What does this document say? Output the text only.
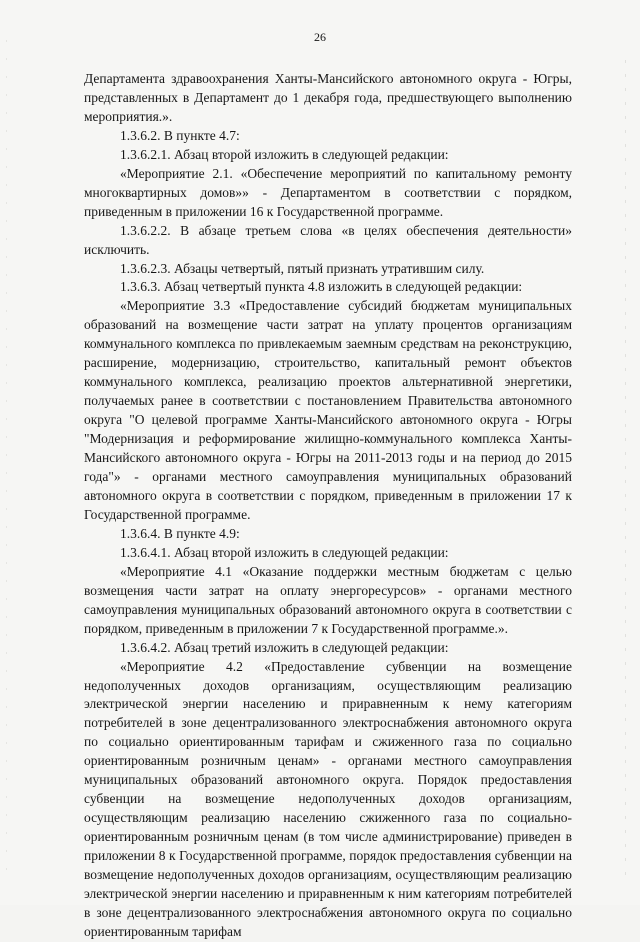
26

Департамента здравоохранения Ханты-Мансийского автономного округа - Югры, представленных в Департамент до 1 декабря года, предшествующего выполнению мероприятия.».

1.3.6.2. В пункте 4.7:

1.3.6.2.1. Абзац второй изложить в следующей редакции:

«Мероприятие 2.1. «Обеспечение мероприятий по капитальному ремонту многоквартирных домов»» - Департаментом в соответствии с порядком, приведенным в приложении 16 к Государственной программе.

1.3.6.2.2. В абзаце третьем слова «в целях обеспечения деятельности» исключить.

1.3.6.2.3. Абзацы четвертый, пятый признать утратившим силу.

1.3.6.3. Абзац четвертый пункта 4.8 изложить в следующей редакции:

«Мероприятие 3.3 «Предоставление субсидий бюджетам муниципальных образований на возмещение части затрат на уплату процентов организациям коммунального комплекса по привлекаемым заемным средствам на реконструкцию, расширение, модернизацию, строительство, капитальный ремонт объектов коммунального комплекса, реализацию проектов альтернативной энергетики, получаемых ранее в соответствии с постановлением Правительства автономного округа "О целевой программе Ханты-Мансийского автономного округа - Югры "Модернизация и реформирование жилищно-коммунального комплекса Ханты-Мансийского автономного округа - Югры на 2011-2013 годы и на период до 2015 года"» - органами местного самоуправления муниципальных образований автономного округа в соответствии с порядком, приведенным в приложении 17 к Государственной программе.

1.3.6.4. В пункте 4.9:

1.3.6.4.1. Абзац второй изложить в следующей редакции:

«Мероприятие 4.1 «Оказание поддержки местным бюджетам с целью возмещения части затрат на оплату энергоресурсов» - органами местного самоуправления муниципальных образований автономного округа в соответствии с порядком, приведенным в приложении 7 к Государственной программе.».

1.3.6.4.2. Абзац третий изложить в следующей редакции:

«Мероприятие 4.2 «Предоставление субвенции на возмещение недополученных доходов организациям, осуществляющим реализацию электрической энергии населению и приравненным к нему категориям потребителей в зоне децентрализованного электроснабжения автономного округа по социально ориентированным тарифам и сжиженного газа по социально ориентированным розничным ценам» - органами местного самоуправления муниципальных образований автономного округа. Порядок предоставления субвенции на возмещение недополученных доходов организациям, осуществляющим реализацию населению сжиженного газа по социально-ориентированным розничным ценам (в том числе администрирование) приведен в приложении 8 к Государственной программе, порядок предоставления субвенции на возмещение недополученных доходов организациям, осуществляющим реализацию электрической энергии населению и приравненным к ним категориям потребителей в зоне децентрализованного электроснабжения автономного округа по социально ориентированным тарифам
